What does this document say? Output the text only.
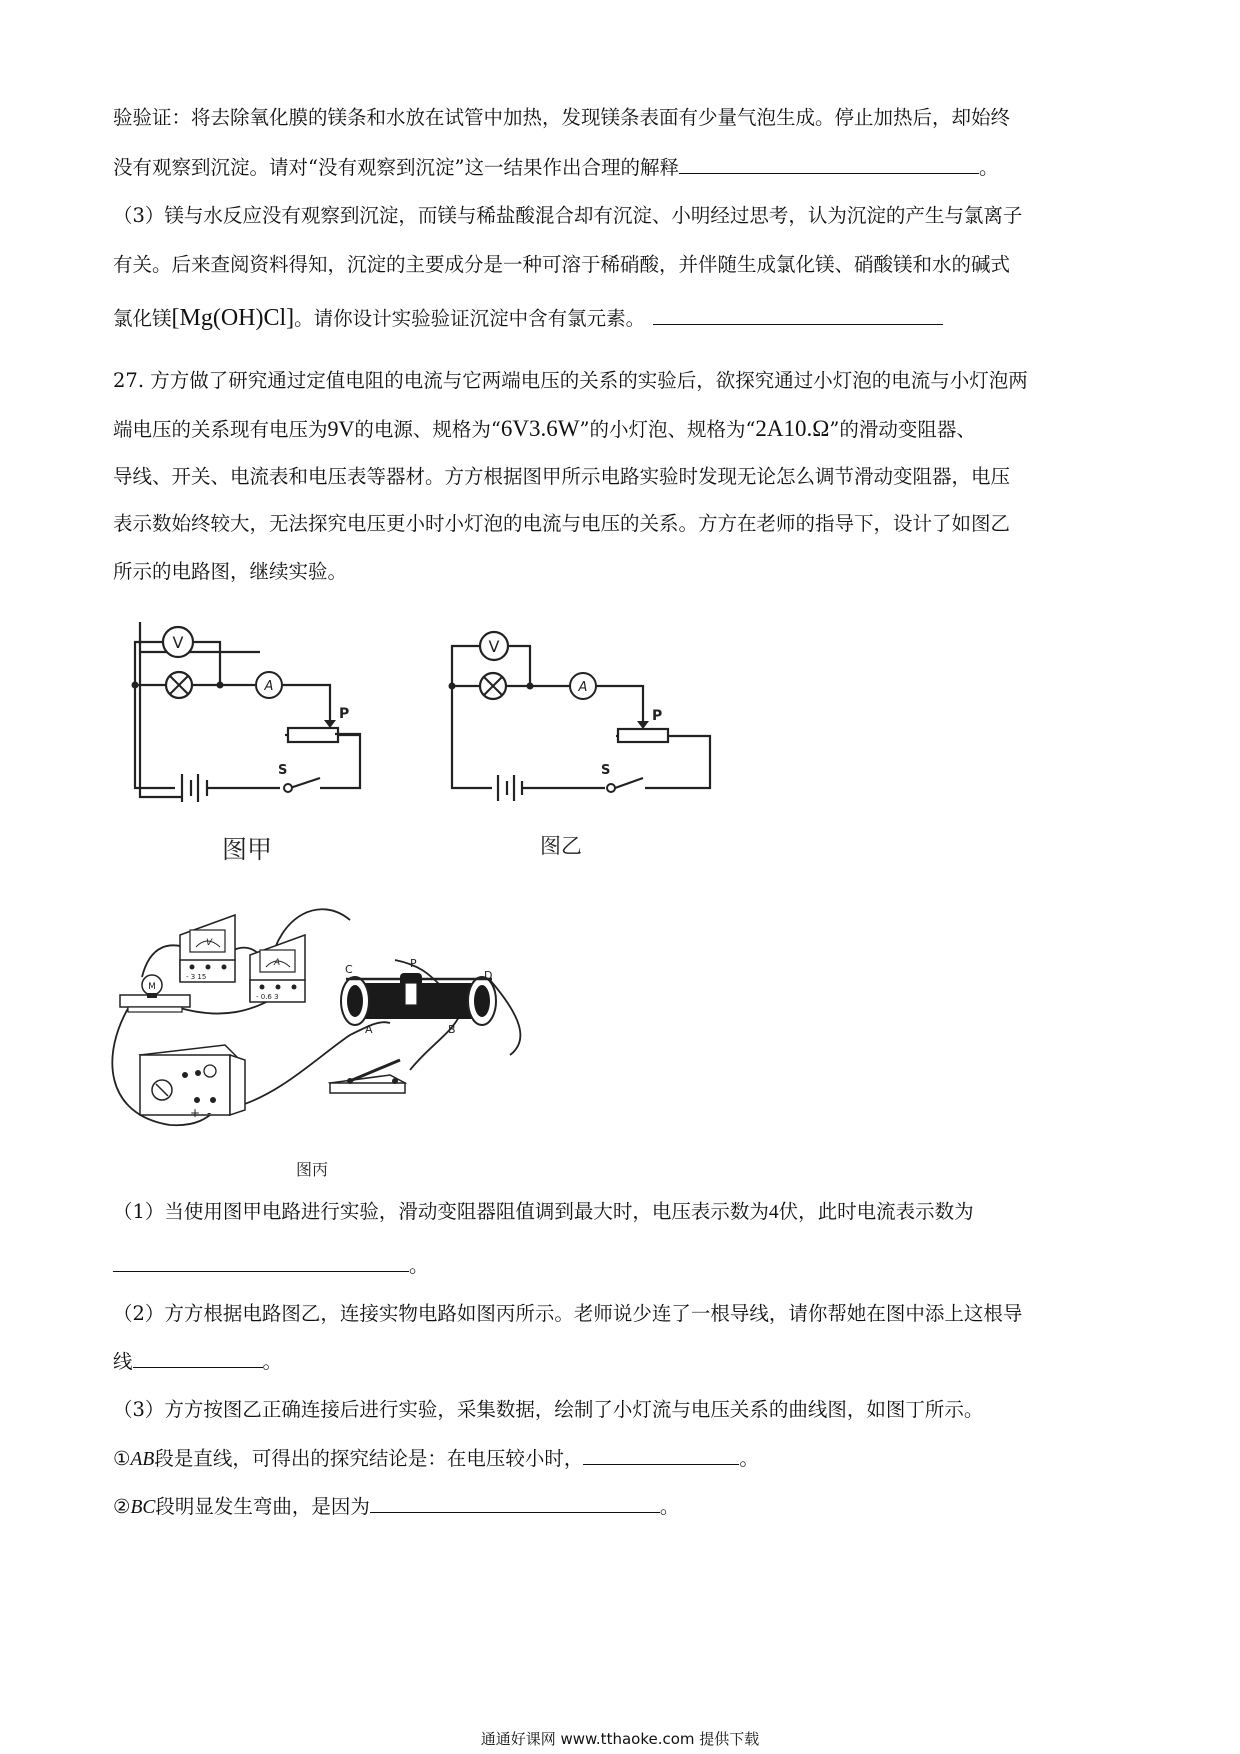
验验证：将去除氧化膜的镁条和水放在试管中加热，发现镁条表面有少量气泡生成。停止加热后，却始终
没有观察到沉淀。请对“没有观察到沉淀”这一结果作出合理的解释	。
（3）镁与水反应没有观察到沉淀，而镁与稀盐酸混合却有沉淀、小明经过思考，认为沉淀的产生与氯离子
有关。后来查阅资料得知，沉淀的主要成分是一种可溶于稀硝酸，并伴随生成氯化镁、硝酸镁和水的碱式
氯化镁[Mg(OH)Cl]。请你设计实验验证沉淀中含有氯元素。
27. 方方做了研究通过定值电阻的电流与它两端电压的关系的实验后，欲探究通过小灯泡的电流与小灯泡两
端电压的关系现有电压为9V的电源、规格为“6V3.6W”的小灯泡、规格为“2A10.Ω”的滑动变阻器、
导线、开关、电流表和电压表等器材。方方根据图甲所示电路实验时发现无论怎么调节滑动变阻器，电压
表示数始终较大，无法探究电压更小时小灯泡的电流与电压的关系。方方在老师的指导下，设计了如图乙
所示的电路图，继续实验。
V
A
P
S
图甲
V
A
P
S
图乙
M
V
- 3 15
A
- 0.6 3
C	D
P
A	B
+ -
图丙
（1）当使用图甲电路进行实验，滑动变阻器阻值调到最大时，电压表示数为4伏，此时电流表示数为
。
（2）方方根据电路图乙，连接实物电路如图丙所示。老师说少连了一根导线，请你帮她在图中添上这根导
线	。
（3）方方按图乙正确连接后进行实验，采集数据，绘制了小灯流与电压关系的曲线图，如图丁所示。
①AB段是直线，可得出的探究结论是：在电压较小时，	。
②BC段明显发生弯曲，是因为	。
通通好课网 www.tthaoke.com 提供下载
